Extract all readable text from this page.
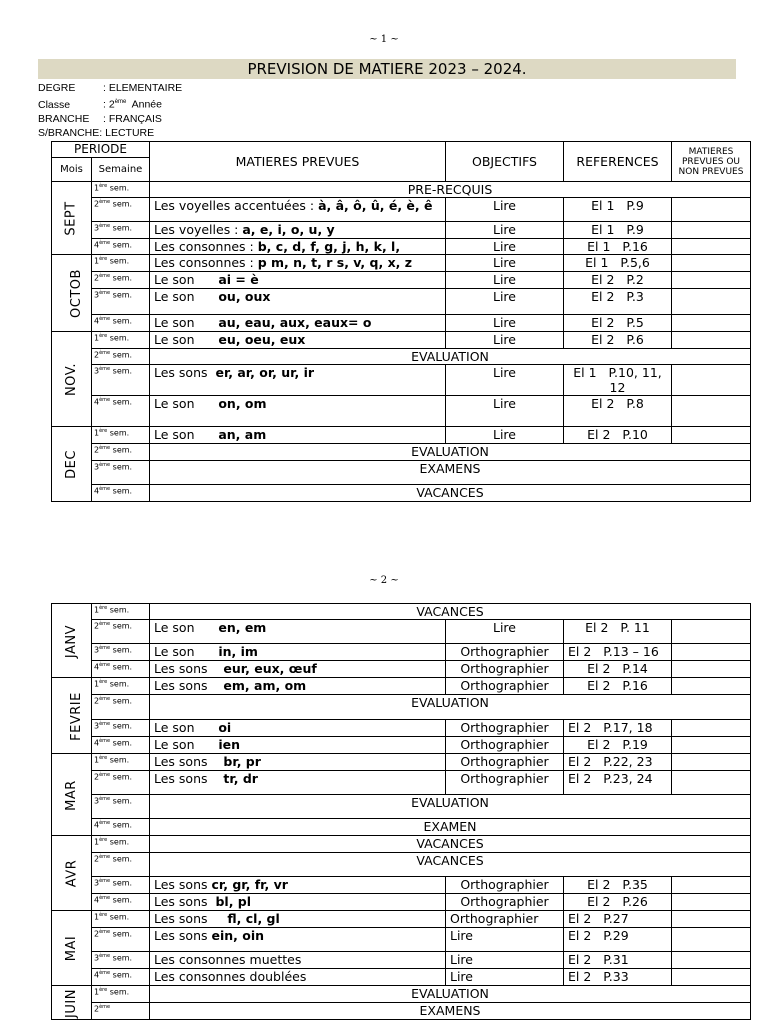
~ 1 ~
PREVISION DE MATIERE 2023 – 2024.
DEGRE	: ELEMENTAIRE
Classe	: 2ème  Année
BRANCHE : FRANÇAIS
S/BRANCHE: LECTURE
PERIODE		MATIERES PREVUES	OBJECTIFS	REFERENCES	MATIERES PREVUES OU NON PREVUES
Mois	Semaine				
SEPT	1ère sem.	PRE-RECQUIS			
	2ème sem.	Les voyelles accentuées : à, â, ô, û, é, è, ê	Lire	El 1   P.9	
	3ème sem.	Les voyelles : a, e, i, o, u, y	Lire	El 1   P.9	
	4ème sem.	Les consonnes : b, c, d, f, g, j, h, k, l,	Lire	El 1   P.16	
OCTOB	1ère sem.	Les consonnes : p m, n, t, r s, v, q, x, z	Lire	El 1   P.5,6	
	2ème sem.	Le son      ai = è	Lire	El 2   P.2	
	3ème sem.	Le son      ou, oux	Lire	El 2   P.3	
	4ème sem.	Le son      au, eau, aux, eaux= o	Lire	El 2   P.5	
NOV.	1ère sem.	Le son      eu, oeu, eux	Lire	El 2   P.6	
	2ème sem.	EVALUATION			
	3ème sem.	Les sons  er, ar, or, ur, ir	Lire	El 1   P.10, 11, 12	
	4ème sem.	Le son      on, om	Lire	El 2   P.8	
DEC	1ère sem.	Le son      an, am	Lire	El 2   P.10	
	2ème sem.	EVALUATION			
	3ème sem.	EXAMENS			
	4ème sem.	VACANCES			
~ 2 ~
JANV	1ère sem.	VACANCES			
	2ème sem.	Le son      en, em	Lire	El 2   P. 11	
	3ème sem.	Le son      in, im	Orthographier	El 2   P.13 – 16	
	4ème sem.	Les sons    eur, eux, œuf	Orthographier	El 2   P.14	
FEVRIE	1ère sem.	Les sons    em, am, om	Orthographier	El 2   P.16	
	2ème sem.	EVALUATION			
	3ème sem.	Le son      oi	Orthographier	El 2   P.17, 18	
	4ème sem.	Le son      ien	Orthographier	El 2   P.19	
MAR	1ère sem.	Les sons    br, pr	Orthographier	El 2   P.22, 23	
	2ème sem.	Les sons    tr, dr	Orthographier	El 2   P.23, 24	
	3ème sem.	EVALUATION			
	4ème sem.	EXAMEN			
AVR	1ère sem.	VACANCES			
	2ème sem.	VACANCES			
	3ème sem.	Les sons cr, gr, fr, vr	Orthographier	El 2   P.35	
	4ème sem.	Les sons  bl, pl	Orthographier	El 2   P.26	
MAI	1ère sem.	Les sons     fl, cl, gl	Orthographier	El 2   P.27	
	2ème sem.	Les sons ein, oin	Lire	El 2   P.29	
	3ème sem.	Les consonnes muettes	Lire	El 2   P.31	
	4ème sem.	Les consonnes doublées	Lire	El 2   P.33	
JUIN	1ère sem.	EVALUATION			
	2ème	EXAMENS			
